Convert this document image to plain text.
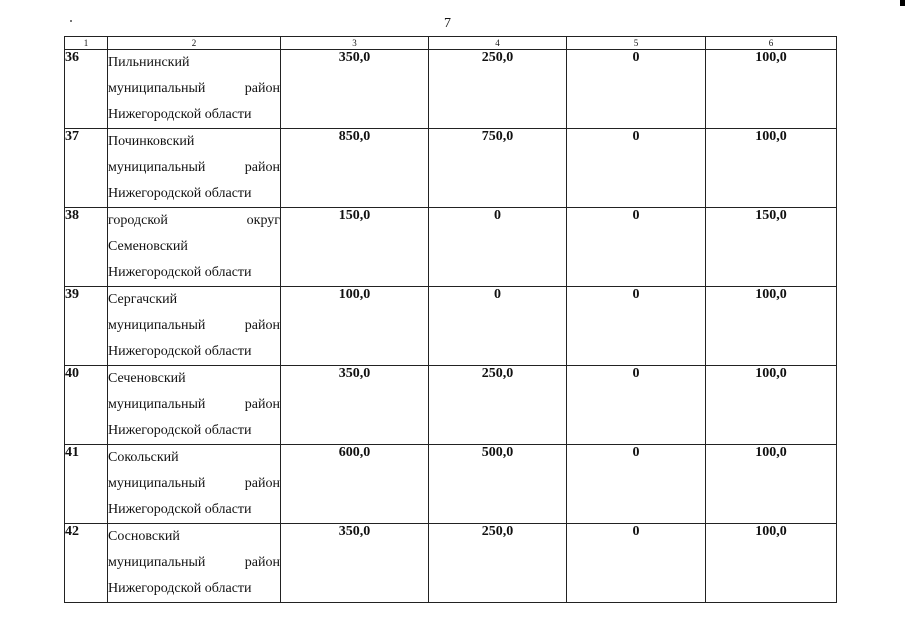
7
1	2	3	4	5	6
36	Пильнинский
муниципальный район
Нижегородской области	350,0	250,0	0	100,0
37	Починковский
муниципальный район
Нижегородской области	850,0	750,0	0	100,0
38	городской округ
Семеновский
Нижегородской области	150,0	0	0	150,0
39	Сергачский
муниципальный район
Нижегородской области	100,0	0	0	100,0
40	Сеченовский
муниципальный район
Нижегородской области	350,0	250,0	0	100,0
41	Сокольский
муниципальный район
Нижегородской области	600,0	500,0	0	100,0
42	Сосновский
муниципальный район
Нижегородской области	350,0	250,0	0	100,0
